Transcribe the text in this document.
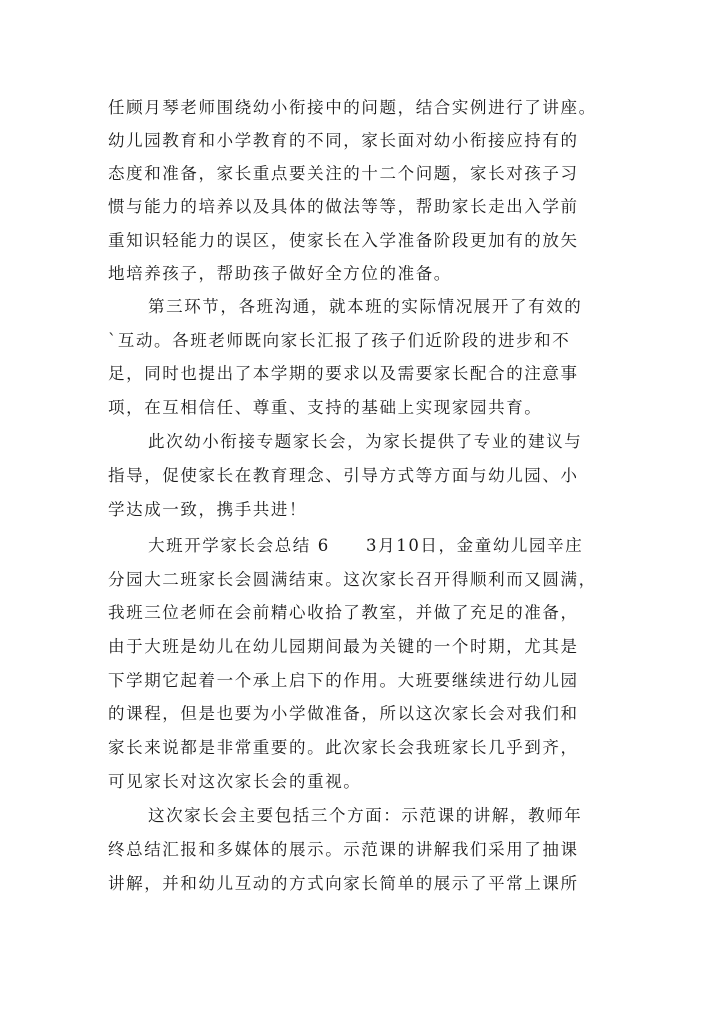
任顾月琴老师围绕幼小衔接中的问题，结合实例进行了讲座。
幼儿园教育和小学教育的不同，家长面对幼小衔接应持有的
态度和准备，家长重点要关注的十二个问题，家长对孩子习
惯与能力的培养以及具体的做法等等，帮助家长走出入学前
重知识轻能力的误区，使家长在入学准备阶段更加有的放矢
地培养孩子，帮助孩子做好全方位的准备。
第三环节，各班沟通，就本班的实际情况展开了有效的
`互动。各班老师既向家长汇报了孩子们近阶段的进步和不
足，同时也提出了本学期的要求以及需要家长配合的注意事
项，在互相信任、尊重、支持的基础上实现家园共育。
此次幼小衔接专题家长会，为家长提供了专业的建议与
指导，促使家长在教育理念、引导方式等方面与幼儿园、小
学达成一致，携手共进！
大班开学家长会总结 6　　3月10日，金童幼儿园辛庄
分园大二班家长会圆满结束。这次家长召开得顺利而又圆满，
我班三位老师在会前精心收拾了教室，并做了充足的准备，
由于大班是幼儿在幼儿园期间最为关键的一个时期，尤其是
下学期它起着一个承上启下的作用。大班要继续进行幼儿园
的课程，但是也要为小学做准备，所以这次家长会对我们和
家长来说都是非常重要的。此次家长会我班家长几乎到齐，
可见家长对这次家长会的重视。
这次家长会主要包括三个方面：示范课的讲解，教师年
终总结汇报和多媒体的展示。示范课的讲解我们采用了抽课
讲解，并和幼儿互动的方式向家长简单的展示了平常上课所
